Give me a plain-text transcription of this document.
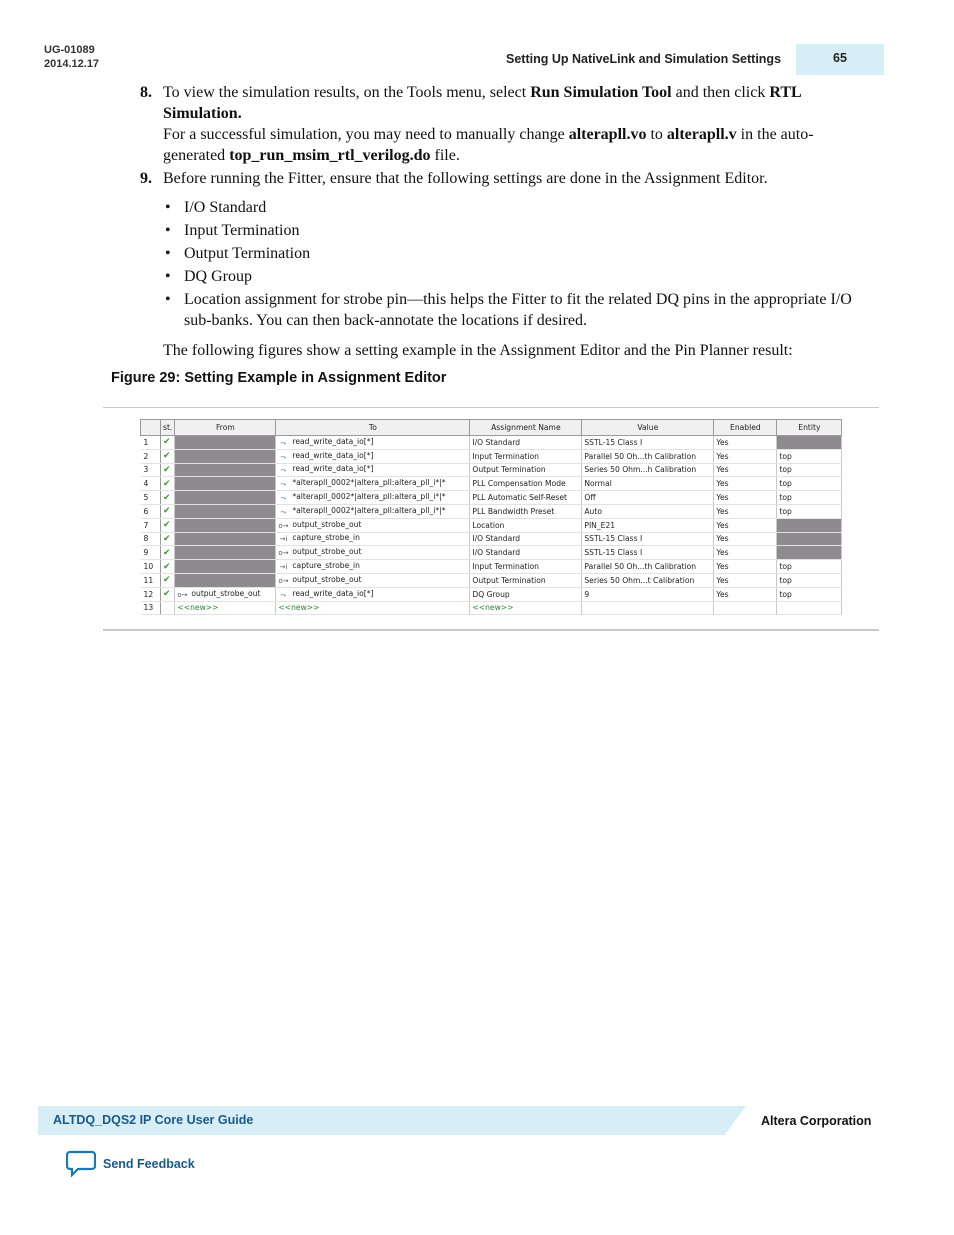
UG-01089
2014.12.17	Setting Up NativeLink and Simulation Settings	65
8. To view the simulation results, on the Tools menu, select Run Simulation Tool and then click RTL Simulation.

For a successful simulation, you may need to manually change alterapll.vo to alterapll.v in the auto-generated top_run_msim_rtl_verilog.do file.

9. Before running the Fitter, ensure that the following settings are done in the Assignment Editor.

• I/O Standard
• Input Termination
• Output Termination
• DQ Group
• Location assignment for strobe pin—this helps the Fitter to fit the related DQ pins in the appropriate I/O sub-banks. You can then back-annotate the locations if desired.

The following figures show a setting example in the Assignment Editor and the Pin Planner result:

Figure 29: Setting Example in Assignment Editor
	st.	From	To	Assignment Name	Value	Enabled	Entity
1	✔		⤳ read_write_data_io[*]	I/O Standard	SSTL-15 Class I	Yes	
2	✔		⤳ read_write_data_io[*]	Input Termination	Parallel 50 Oh...th Calibration	Yes	top
3	✔		⤳ read_write_data_io[*]	Output Termination	Series 50 Ohm...h Calibration	Yes	top
4	✔		⤳ *alterapll_0002*|altera_pll:altera_pll_i*|*	PLL Compensation Mode	Normal	Yes	top
5	✔		⤳ *alterapll_0002*|altera_pll:altera_pll_i*|*	PLL Automatic Self-Reset	Off	Yes	top
6	✔		⤳ *alterapll_0002*|altera_pll:altera_pll_i*|*	PLL Bandwidth Preset	Auto	Yes	top
7	✔		o→ output_strobe_out	Location	PIN_E21	Yes	
8	✔		→i capture_strobe_in	I/O Standard	SSTL-15 Class I	Yes	
9	✔		o→ output_strobe_out	I/O Standard	SSTL-15 Class I	Yes	
10	✔		→i capture_strobe_in	Input Termination	Parallel 50 Oh...th Calibration	Yes	top
11	✔		o→ output_strobe_out	Output Termination	Series 50 Ohm...t Calibration	Yes	top
12	✔	o→ output_strobe_out	⤳ read_write_data_io[*]	DQ Group	9	Yes	top
13		<<new>>	<<new>>	<<new>>			
ALTDQ_DQS2 IP Core User Guide	Altera Corporation
Send Feedback
